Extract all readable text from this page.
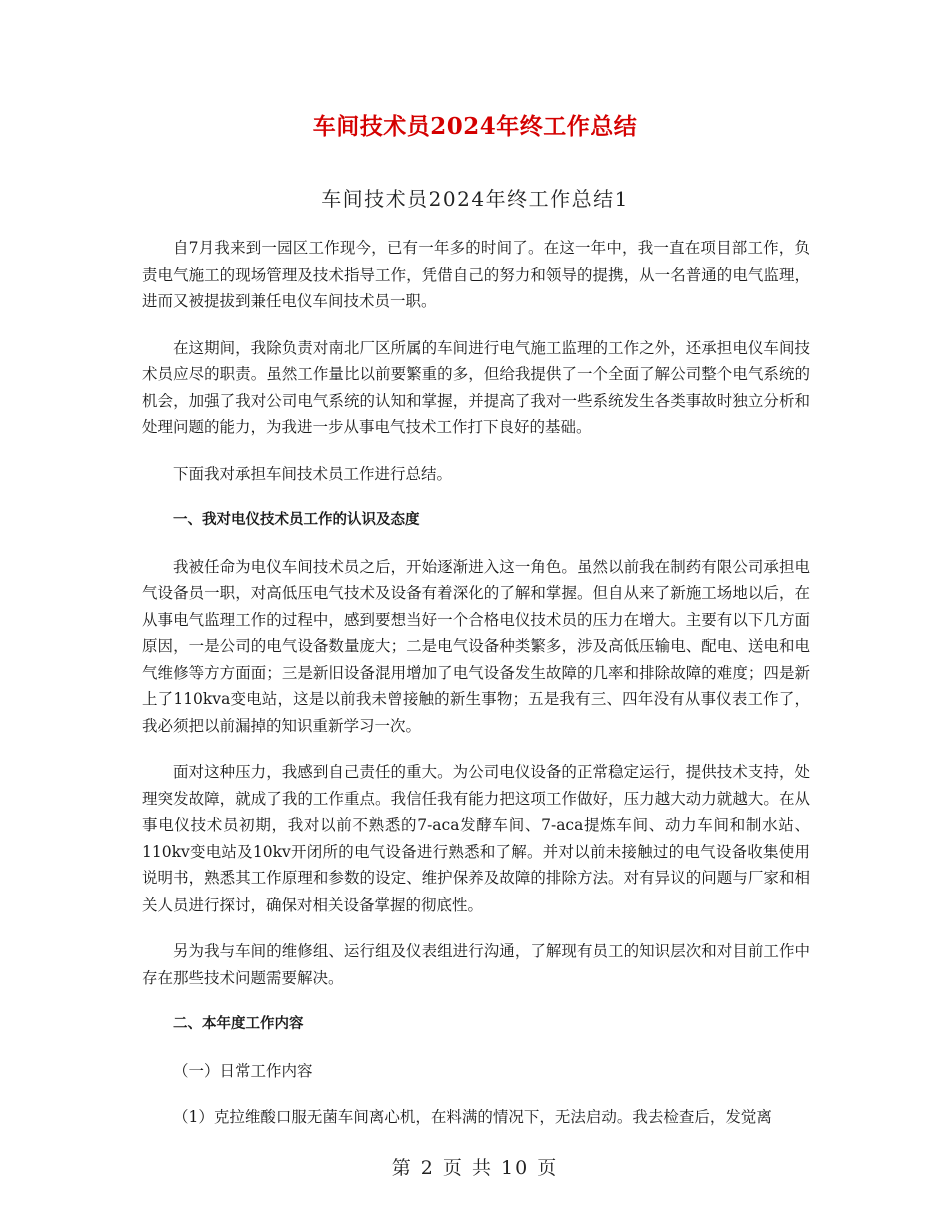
车间技术员2024年终工作总结
车间技术员2024年终工作总结1

自7月我来到一园区工作现今，已有一年多的时间了。在这一年中，我一直在项目部工作，负责电气施工的现场管理及技术指导工作，凭借自己的努力和领导的提携，从一名普通的电气监理，进而又被提拔到兼任电仪车间技术员一职。

在这期间，我除负责对南北厂区所属的车间进行电气施工监理的工作之外，还承担电仪车间技术员应尽的职责。虽然工作量比以前要繁重的多，但给我提供了一个全面了解公司整个电气系统的机会，加强了我对公司电气系统的认知和掌握，并提高了我对一些系统发生各类事故时独立分析和处理问题的能力，为我进一步从事电气技术工作打下良好的基础。

下面我对承担车间技术员工作进行总结。

一、我对电仪技术员工作的认识及态度

我被任命为电仪车间技术员之后，开始逐渐进入这一角色。虽然以前我在制药有限公司承担电气设备员一职，对高低压电气技术及设备有着深化的了解和掌握。但自从来了新施工场地以后，在从事电气监理工作的过程中，感到要想当好一个合格电仪技术员的压力在增大。主要有以下几方面原因，一是公司的电气设备数量庞大；二是电气设备种类繁多，涉及高低压输电、配电、送电和电气维修等方方面面；三是新旧设备混用增加了电气设备发生故障的几率和排除故障的难度；四是新上了110kva变电站，这是以前我未曾接触的新生事物；五是我有三、四年没有从事仪表工作了，我必须把以前漏掉的知识重新学习一次。

面对这种压力，我感到自己责任的重大。为公司电仪设备的正常稳定运行，提供技术支持，处理突发故障，就成了我的工作重点。我信任我有能力把这项工作做好，压力越大动力就越大。在从事电仪技术员初期，我对以前不熟悉的7-aca发酵车间、7-aca提炼车间、动力车间和制水站、110kv变电站及10kv开闭所的电气设备进行熟悉和了解。并对以前未接触过的电气设备收集使用说明书，熟悉其工作原理和参数的设定、维护保养及故障的排除方法。对有异议的问题与厂家和相关人员进行探讨，确保对相关设备掌握的彻底性。

另为我与车间的维修组、运行组及仪表组进行沟通，了解现有员工的知识层次和对目前工作中存在那些技术问题需要解决。

二、本年度工作内容

（一）日常工作内容

（1）克拉维酸口服无菌车间离心机，在料满的情况下，无法启动。我去检查后，发觉离

第 2 页 共 10 页
